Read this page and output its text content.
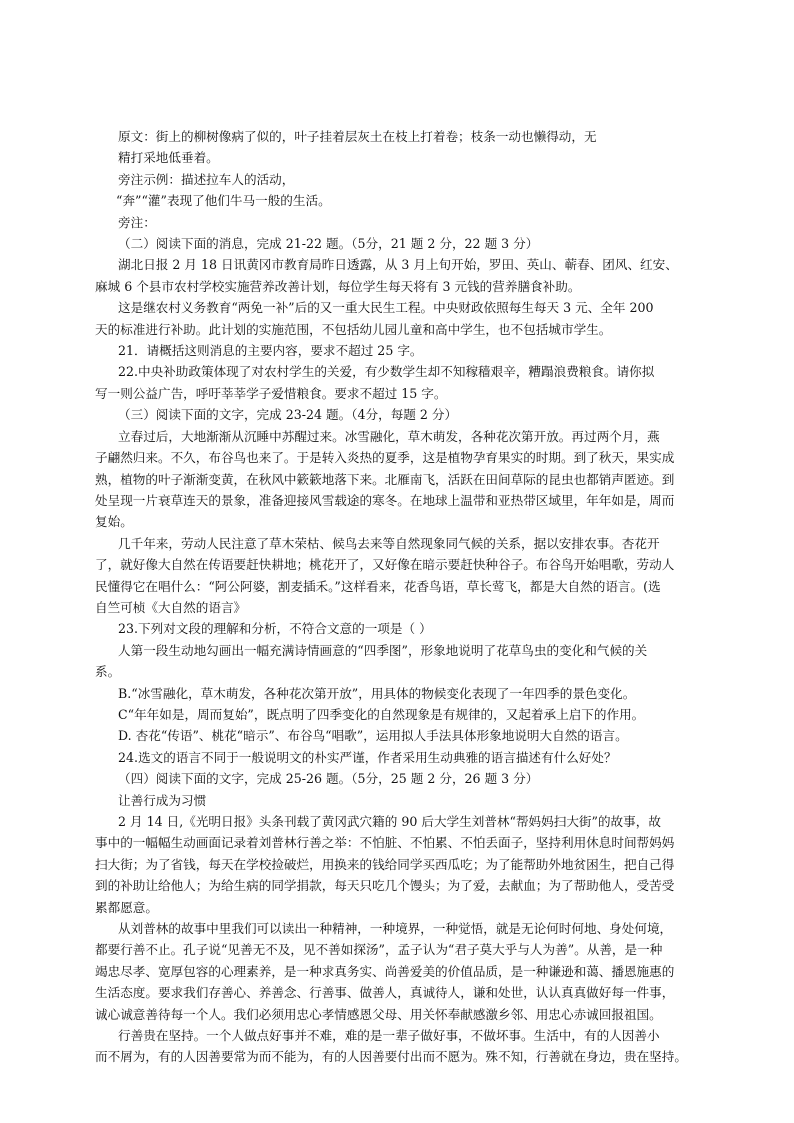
原文：街上的柳树像病了似的，叶子挂着层灰土在枝上打着卷；枝条一动也懒得动，无
精打采地低垂着。
旁注示例：描述拉车人的活动，
“奔”“灌”表现了他们牛马一般的生活。
旁注：
（二）阅读下面的消息，完成 21-22 题。（5分，21 题 2 分，22 题 3 分）
湖北日报 2 月 18 日讯黄冈市教育局昨日透露，从 3 月上旬开始，罗田、英山、蕲春、团风、红安、
麻城 6 个县市农村学校实施营养改善计划，每位学生每天将有 3 元钱的营养膳食补助。
这是继农村义务教育“两免一补”后的又一重大民生工程。中央财政依照每生每天 3 元、全年 200
天的标准进行补助。此计划的实施范围，不包括幼儿园儿童和高中学生，也不包括城市学生。
21．请概括这则消息的主要内容，要求不超过 25 字。
22.中央补助政策体现了对农村学生的关爱，有少数学生却不知稼穑艰辛，糟蹋浪费粮食。请你拟
写一则公益广告，呼吁莘莘学子爱惜粮食。要求不超过 15 字。
（三）阅读下面的文字，完成 23-24 题。（4分，每题 2 分）
立春过后，大地渐渐从沉睡中苏醒过来。冰雪融化，草木萌发，各种花次第开放。再过两个月，燕
子翩然归来。不久，布谷鸟也来了。于是转入炎热的夏季，这是植物孕育果实的时期。到了秋天，果实成
熟，植物的叶子渐渐变黄，在秋风中簌簌地落下来。北雁南飞，活跃在田间草际的昆虫也都销声匿迹。到
处呈现一片衰草连天的景象，准备迎接风雪载途的寒冬。在地球上温带和亚热带区域里，年年如是，周而
复始。
几千年来，劳动人民注意了草木荣枯、候鸟去来等自然现象同气候的关系，据以安排农事。杏花开
了，就好像大自然在传语要赶快耕地；桃花开了，又好像在暗示要赶快种谷子。布谷鸟开始唱歌，劳动人
民懂得它在唱什么：“阿公阿婆，割麦插禾。”这样看来，花香鸟语，草长莺飞，都是大自然的语言。(选
自竺可桢《大自然的语言》
23.下列对文段的理解和分析，不符合文意的一项是（ ）
人第一段生动地勾画出一幅充满诗情画意的“四季图”，形象地说明了花草鸟虫的变化和气候的关
系。
B.“冰雪融化，草木萌发，各种花次第开放”，用具体的物候变化表现了一年四季的景色变化。
C“年年如是，周而复始”，既点明了四季变化的自然现象是有规律的，又起着承上启下的作用。
D. 杏花“传语”、桃花“暗示”、布谷鸟“唱歌”，运用拟人手法具体形象地说明大自然的语言。
24.选文的语言不同于一般说明文的朴实严谨，作者采用生动典雅的语言描述有什么好处？
（四）阅读下面的文字，完成 25-26 题。（5分，25 题 2 分，26 题 3 分）
让善行成为习惯
2 月 14 日,《光明日报》头条刊载了黄冈武穴籍的 90 后大学生刘普林“帮妈妈扫大街”的故事，故
事中的一幅幅生动画面记录着刘普林行善之举：不怕脏、不怕累、不怕丢面子，坚持利用休息时间帮妈妈
扫大街；为了省钱，每天在学校捡破烂，用换来的钱给同学买西瓜吃；为了能帮助外地贫困生，把自己得
到的补助让给他人；为给生病的同学捐款，每天只吃几个馒头；为了爱，去献血；为了帮助他人，受苦受
累都愿意。
从刘普林的故事中里我们可以读出一种精神，一种境界，一种觉悟，就是无论何时何地、身处何境，
都要行善不止。孔子说“见善无不及，见不善如探汤”，孟子认为“君子莫大乎与人为善”。从善，是一种
竭忠尽孝、宽厚包容的心理素养，是一种求真务实、尚善爱美的价值品质，是一种谦逊和蔼、播恩施惠的
生活态度。要求我们存善心、养善念、行善事、做善人，真诚待人，谦和处世，认认真真做好每一件事，
诚心诚意善待每一个人。我们必须用忠心孝情感恩父母、用关怀奉献感激乡邻、用忠心赤诚回报祖国。
行善贵在坚持。一个人做点好事并不难，难的是一辈子做好事，不做坏事。生活中，有的人因善小
而不屑为，有的人因善要常为而不能为，有的人因善要付出而不愿为。殊不知，行善就在身边，贵在坚持。
